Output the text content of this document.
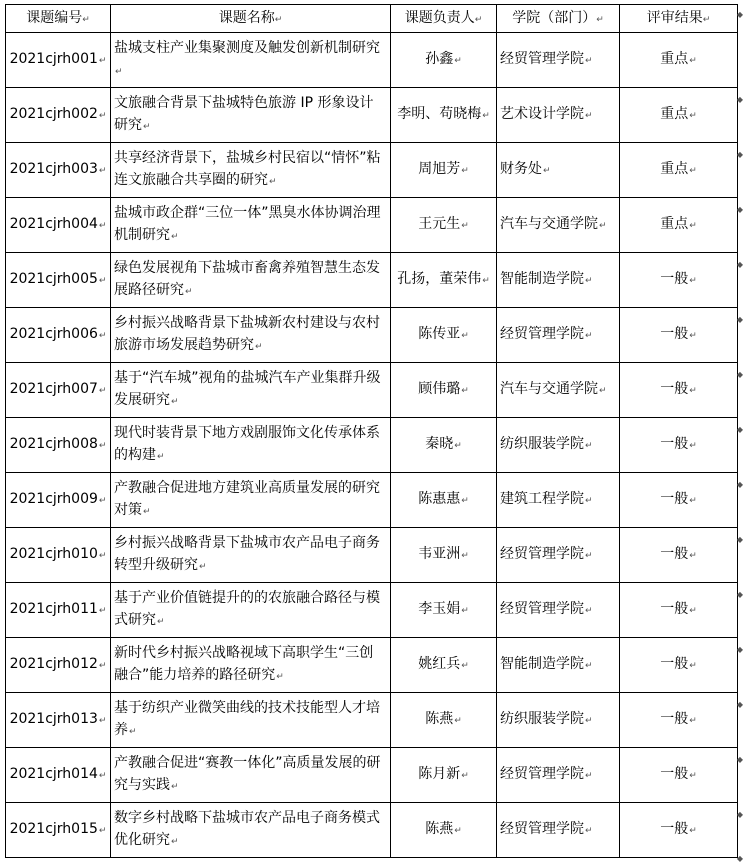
课题编号↵	课题名称↵	课题负责人↵	学院（部门）↵	评审结果↵
2021cjrh001↵	盐城支柱产业集聚测度及触发创新机制研究↵	孙鑫↵	经贸管理学院↵	重点↵
2021cjrh002↵	文旅融合背景下盐城特色旅游 IP 形象设计研究↵	李明、苟晓梅↵	艺术设计学院↵	重点↵
2021cjrh003↵	共享经济背景下，盐城乡村民宿以“情怀”粘连文旅融合共享圈的研究↵	周旭芳↵	财务处↵	重点↵
2021cjrh004↵	盐城市政企群“三位一体”黑臭水体协调治理机制研究↵	王元生↵	汽车与交通学院↵	重点↵
2021cjrh005↵	绿色发展视角下盐城市畜禽养殖智慧生态发展路径研究↵	孔扬，董荣伟↵	智能制造学院↵	一般↵
2021cjrh006↵	乡村振兴战略背景下盐城新农村建设与农村旅游市场发展趋势研究↵	陈传亚↵	经贸管理学院↵	一般↵
2021cjrh007↵	基于“汽车城”视角的盐城汽车产业集群升级发展研究↵	顾伟璐↵	汽车与交通学院↵	一般↵
2021cjrh008↵	现代时装背景下地方戏剧服饰文化传承体系的构建↵	秦晓↵	纺织服装学院↵	一般↵
2021cjrh009↵	产教融合促进地方建筑业高质量发展的研究对策↵	陈惠惠↵	建筑工程学院↵	一般↵
2021cjrh010↵	乡村振兴战略背景下盐城市农产品电子商务转型升级研究↵	韦亚洲↵	经贸管理学院↵	一般↵
2021cjrh011↵	基于产业价值链提升的的农旅融合路径与模式研究↵	李玉娟↵	经贸管理学院↵	一般↵
2021cjrh012↵	新时代乡村振兴战略视域下高职学生“三创融合”能力培养的路径研究↵	姚红兵↵	智能制造学院↵	一般↵
2021cjrh013↵	基于纺织产业微笑曲线的技术技能型人才培养↵	陈燕↵	纺织服装学院↵	一般↵
2021cjrh014↵	产教融合促进“赛教一体化”高质量发展的研究与实践↵	陈月新↵	经贸管理学院↵	一般↵
2021cjrh015↵	数字乡村战略下盐城市农产品电子商务模式优化研究↵	陈燕↵	经贸管理学院↵	一般↵
◆
◆
◆
◆
◆
◆
◆
◆
◆
◆
◆
◆
◆
◆
◆
◆
